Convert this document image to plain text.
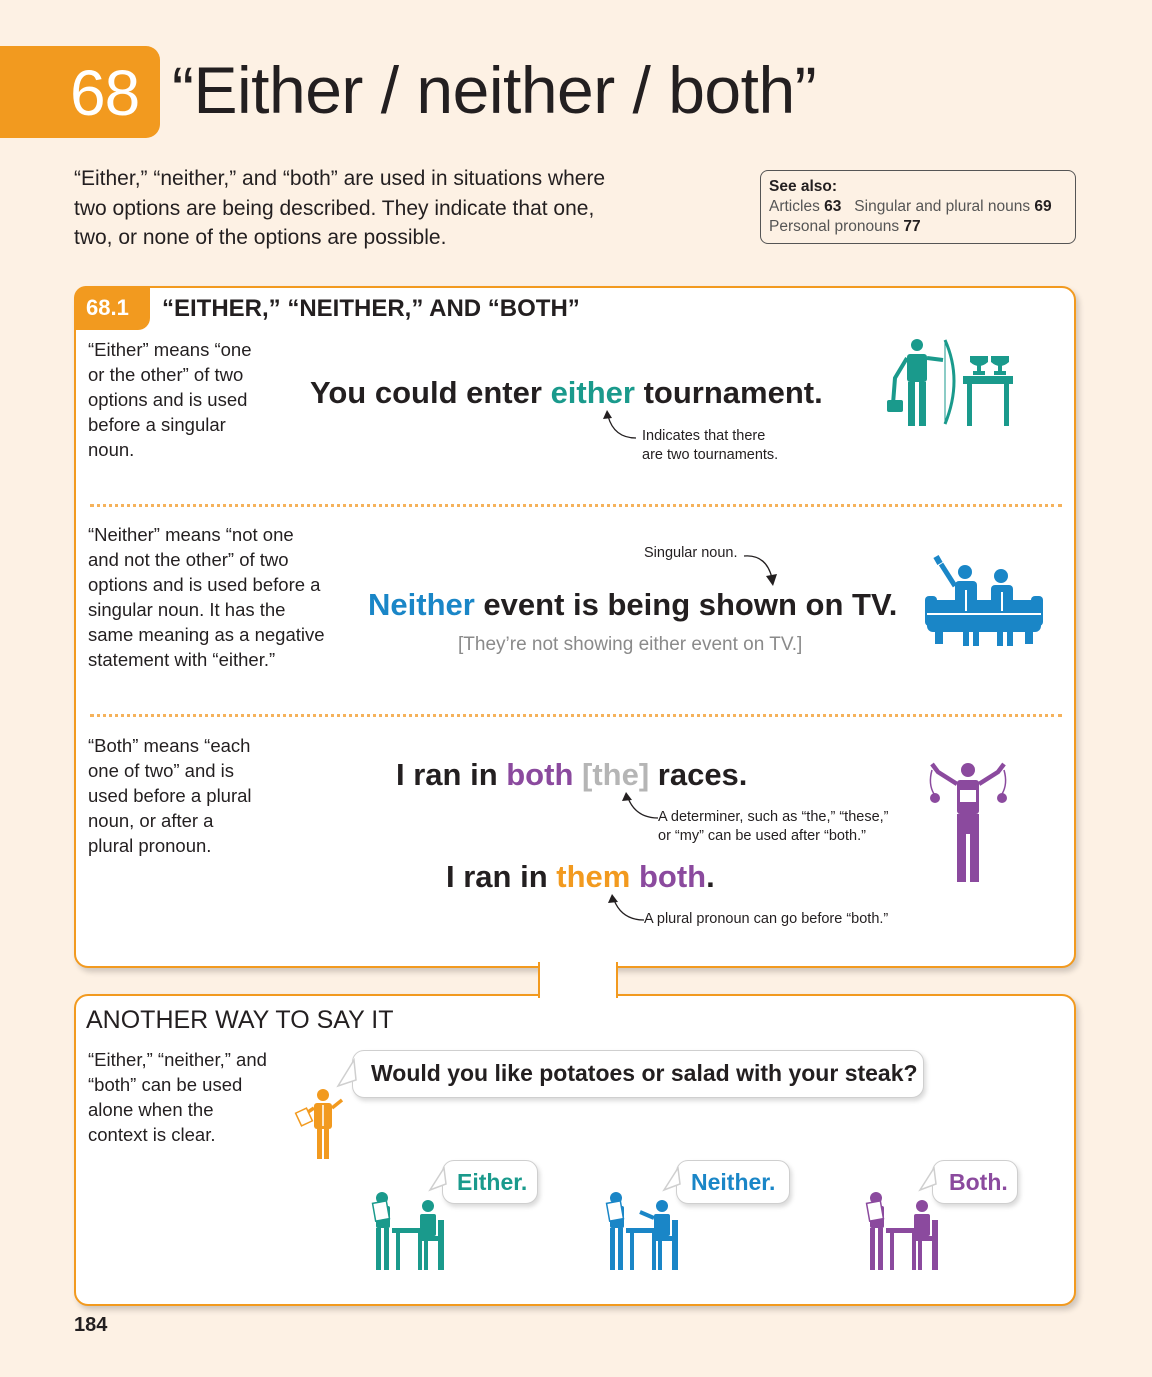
68 “Either / neither / both”
“Either,” “neither,” and “both” are used in situations where two options are being described. They indicate that one, two, or none of the options are possible.
See also:
Articles 63 Singular and plural nouns 69
Personal pronouns 77
68.1 “EITHER,” “NEITHER,” AND “BOTH”
“Either” means “one or the other” of two options and is used before a singular noun.
You could enter either tournament.
Indicates that there
are two tournaments.
“Neither” means “not one and not the other” of two options and is used before a singular noun. It has the same meaning as a negative statement with “either.”
Singular noun.
Neither event is being shown on TV.
[They’re not showing either event on TV.]
“Both” means “each one of two” and is used before a plural noun, or after a plural pronoun.
I ran in both [the] races.
A determiner, such as “the,” “these,”
or “my” can be used after “both.”
I ran in them both.
A plural pronoun can go before “both.”
ANOTHER WAY TO SAY IT
“Either,” “neither,” and “both” can be used alone when the context is clear.
Would you like potatoes or salad with your steak?
Either.	Neither.	Both.
184
